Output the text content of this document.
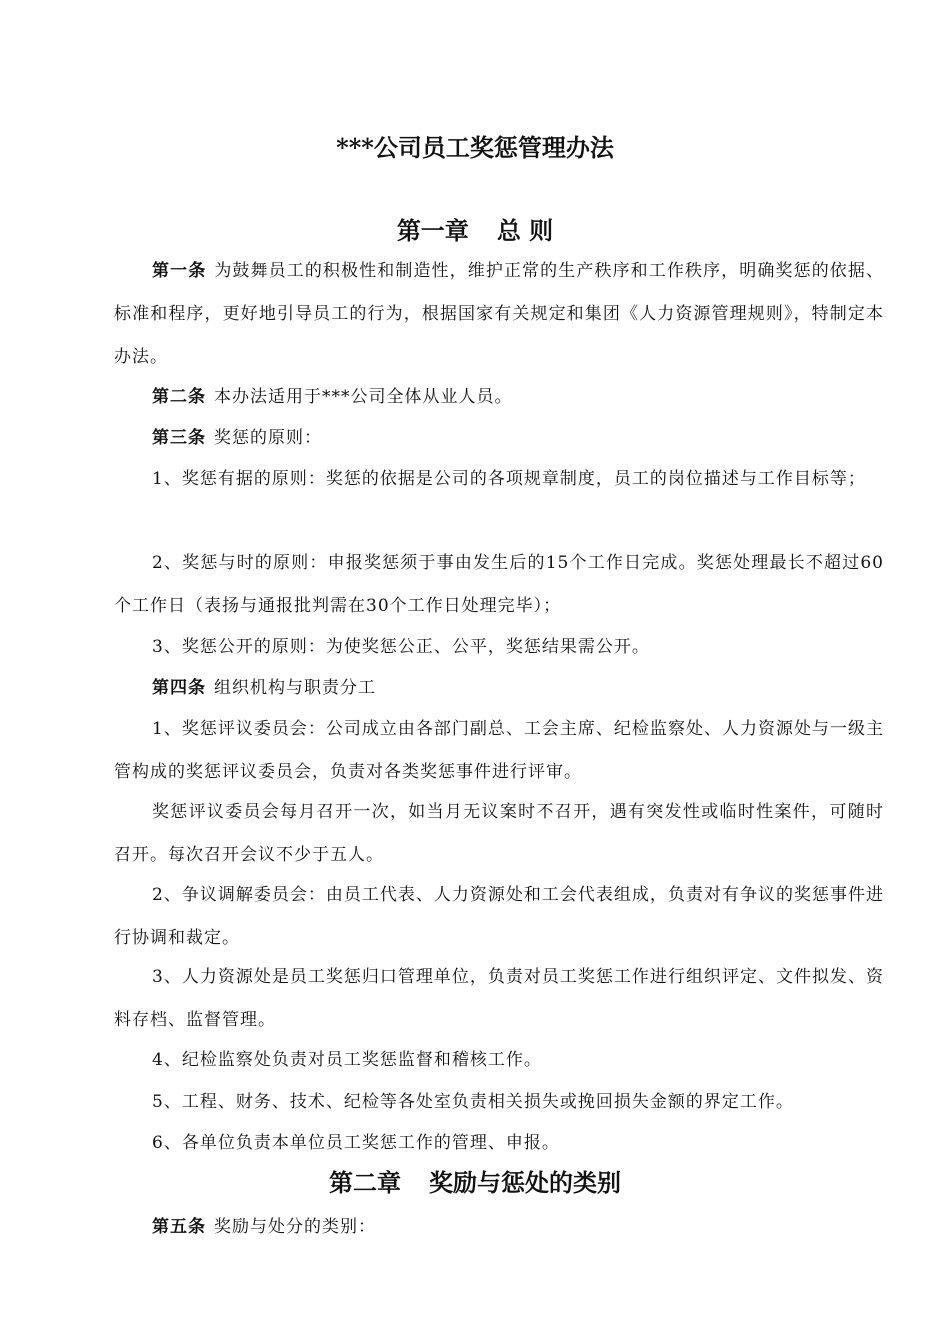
***公司员工奖惩管理办法
第一章 总 则
第一条 为鼓舞员工的积极性和制造性，维护正常的生产秩序和工作秩序，明确奖惩的依据、标准和程序，更好地引导员工的行为，根据国家有关规定和集团《人力资源管理规则》，特制定本办法。
第二条 本办法适用于***公司全体从业人员。
第三条 奖惩的原则：
1、奖惩有据的原则：奖惩的依据是公司的各项规章制度，员工的岗位描述与工作目标等；
2、奖惩与时的原则：申报奖惩须于事由发生后的15个工作日完成。奖惩处理最长不超过60个工作日（表扬与通报批判需在30个工作日处理完毕）；
3、奖惩公开的原则：为使奖惩公正、公平，奖惩结果需公开。
第四条 组织机构与职责分工
1、奖惩评议委员会：公司成立由各部门副总、工会主席、纪检监察处、人力资源处与一级主管构成的奖惩评议委员会，负责对各类奖惩事件进行评审。
奖惩评议委员会每月召开一次，如当月无议案时不召开，遇有突发性或临时性案件，可随时召开。每次召开会议不少于五人。
2、争议调解委员会：由员工代表、人力资源处和工会代表组成，负责对有争议的奖惩事件进行协调和裁定。
3、人力资源处是员工奖惩归口管理单位，负责对员工奖惩工作进行组织评定、文件拟发、资料存档、监督管理。
4、纪检监察处负责对员工奖惩监督和稽核工作。
5、工程、财务、技术、纪检等各处室负责相关损失或挽回损失金额的界定工作。
6、各单位负责本单位员工奖惩工作的管理、申报。
第二章 奖励与惩处的类别
第五条 奖励与处分的类别：
